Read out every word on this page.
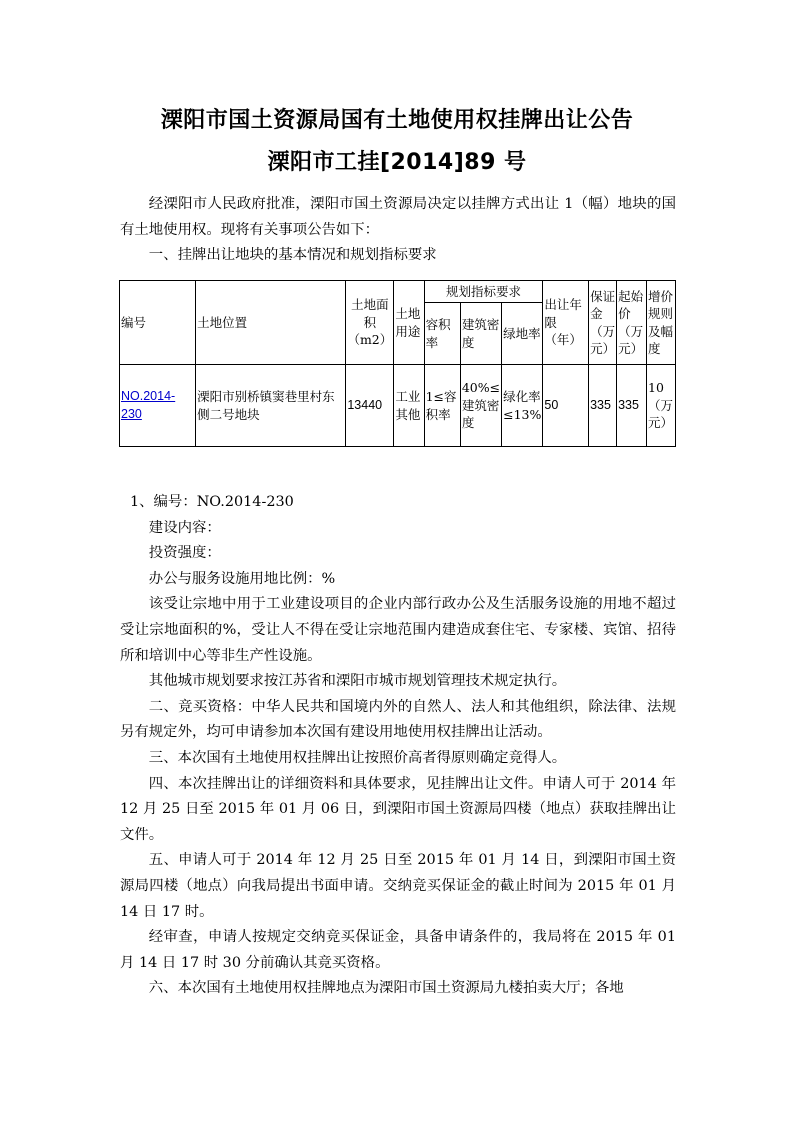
溧阳市国土资源局国有土地使用权挂牌出让公告
溧阳市工挂[2014]89 号

经溧阳市人民政府批准，溧阳市国土资源局决定以挂牌方式出让 1（幅）地块的国有土地使用权。现将有关事项公告如下：

一、挂牌出让地块的基本情况和规划指标要求

编号	土地位置	土地面积（m2）	土地用途	规划指标要求			出让年限（年）	保证金（万元）	起始价（万元）	增价规则及幅度
				容积率	建筑密度	绿地率				
NO.2014-230	溧阳市别桥镇窦巷里村东侧二号地块	13440	工业其他	1≤容积率	40%≤建筑密度	绿化率≤13%	50	335	335	10（万元）

1、编号：NO.2014-230

建设内容：

投资强度：

办公与服务设施用地比例：%

该受让宗地中用于工业建设项目的企业内部行政办公及生活服务设施的用地不超过受让宗地面积的%，受让人不得在受让宗地范围内建造成套住宅、专家楼、宾馆、招待所和培训中心等非生产性设施。

其他城市规划要求按江苏省和溧阳市城市规划管理技术规定执行。

二、竞买资格：中华人民共和国境内外的自然人、法人和其他组织，除法律、法规另有规定外，均可申请参加本次国有建设用地使用权挂牌出让活动。

三、本次国有土地使用权挂牌出让按照价高者得原则确定竞得人。

四、本次挂牌出让的详细资料和具体要求，见挂牌出让文件。申请人可于 2014 年 12 月 25 日至 2015 年 01 月 06 日，到溧阳市国土资源局四楼（地点）获取挂牌出让文件。

五、申请人可于 2014 年 12 月 25 日至 2015 年 01 月 14 日，到溧阳市国土资源局四楼（地点）向我局提出书面申请。交纳竞买保证金的截止时间为 2015 年 01 月 14 日 17 时。

经审查，申请人按规定交纳竞买保证金，具备申请条件的，我局将在 2015 年 01 月 14 日 17 时 30 分前确认其竞买资格。

六、本次国有土地使用权挂牌地点为溧阳市国土资源局九楼拍卖大厅；各地
